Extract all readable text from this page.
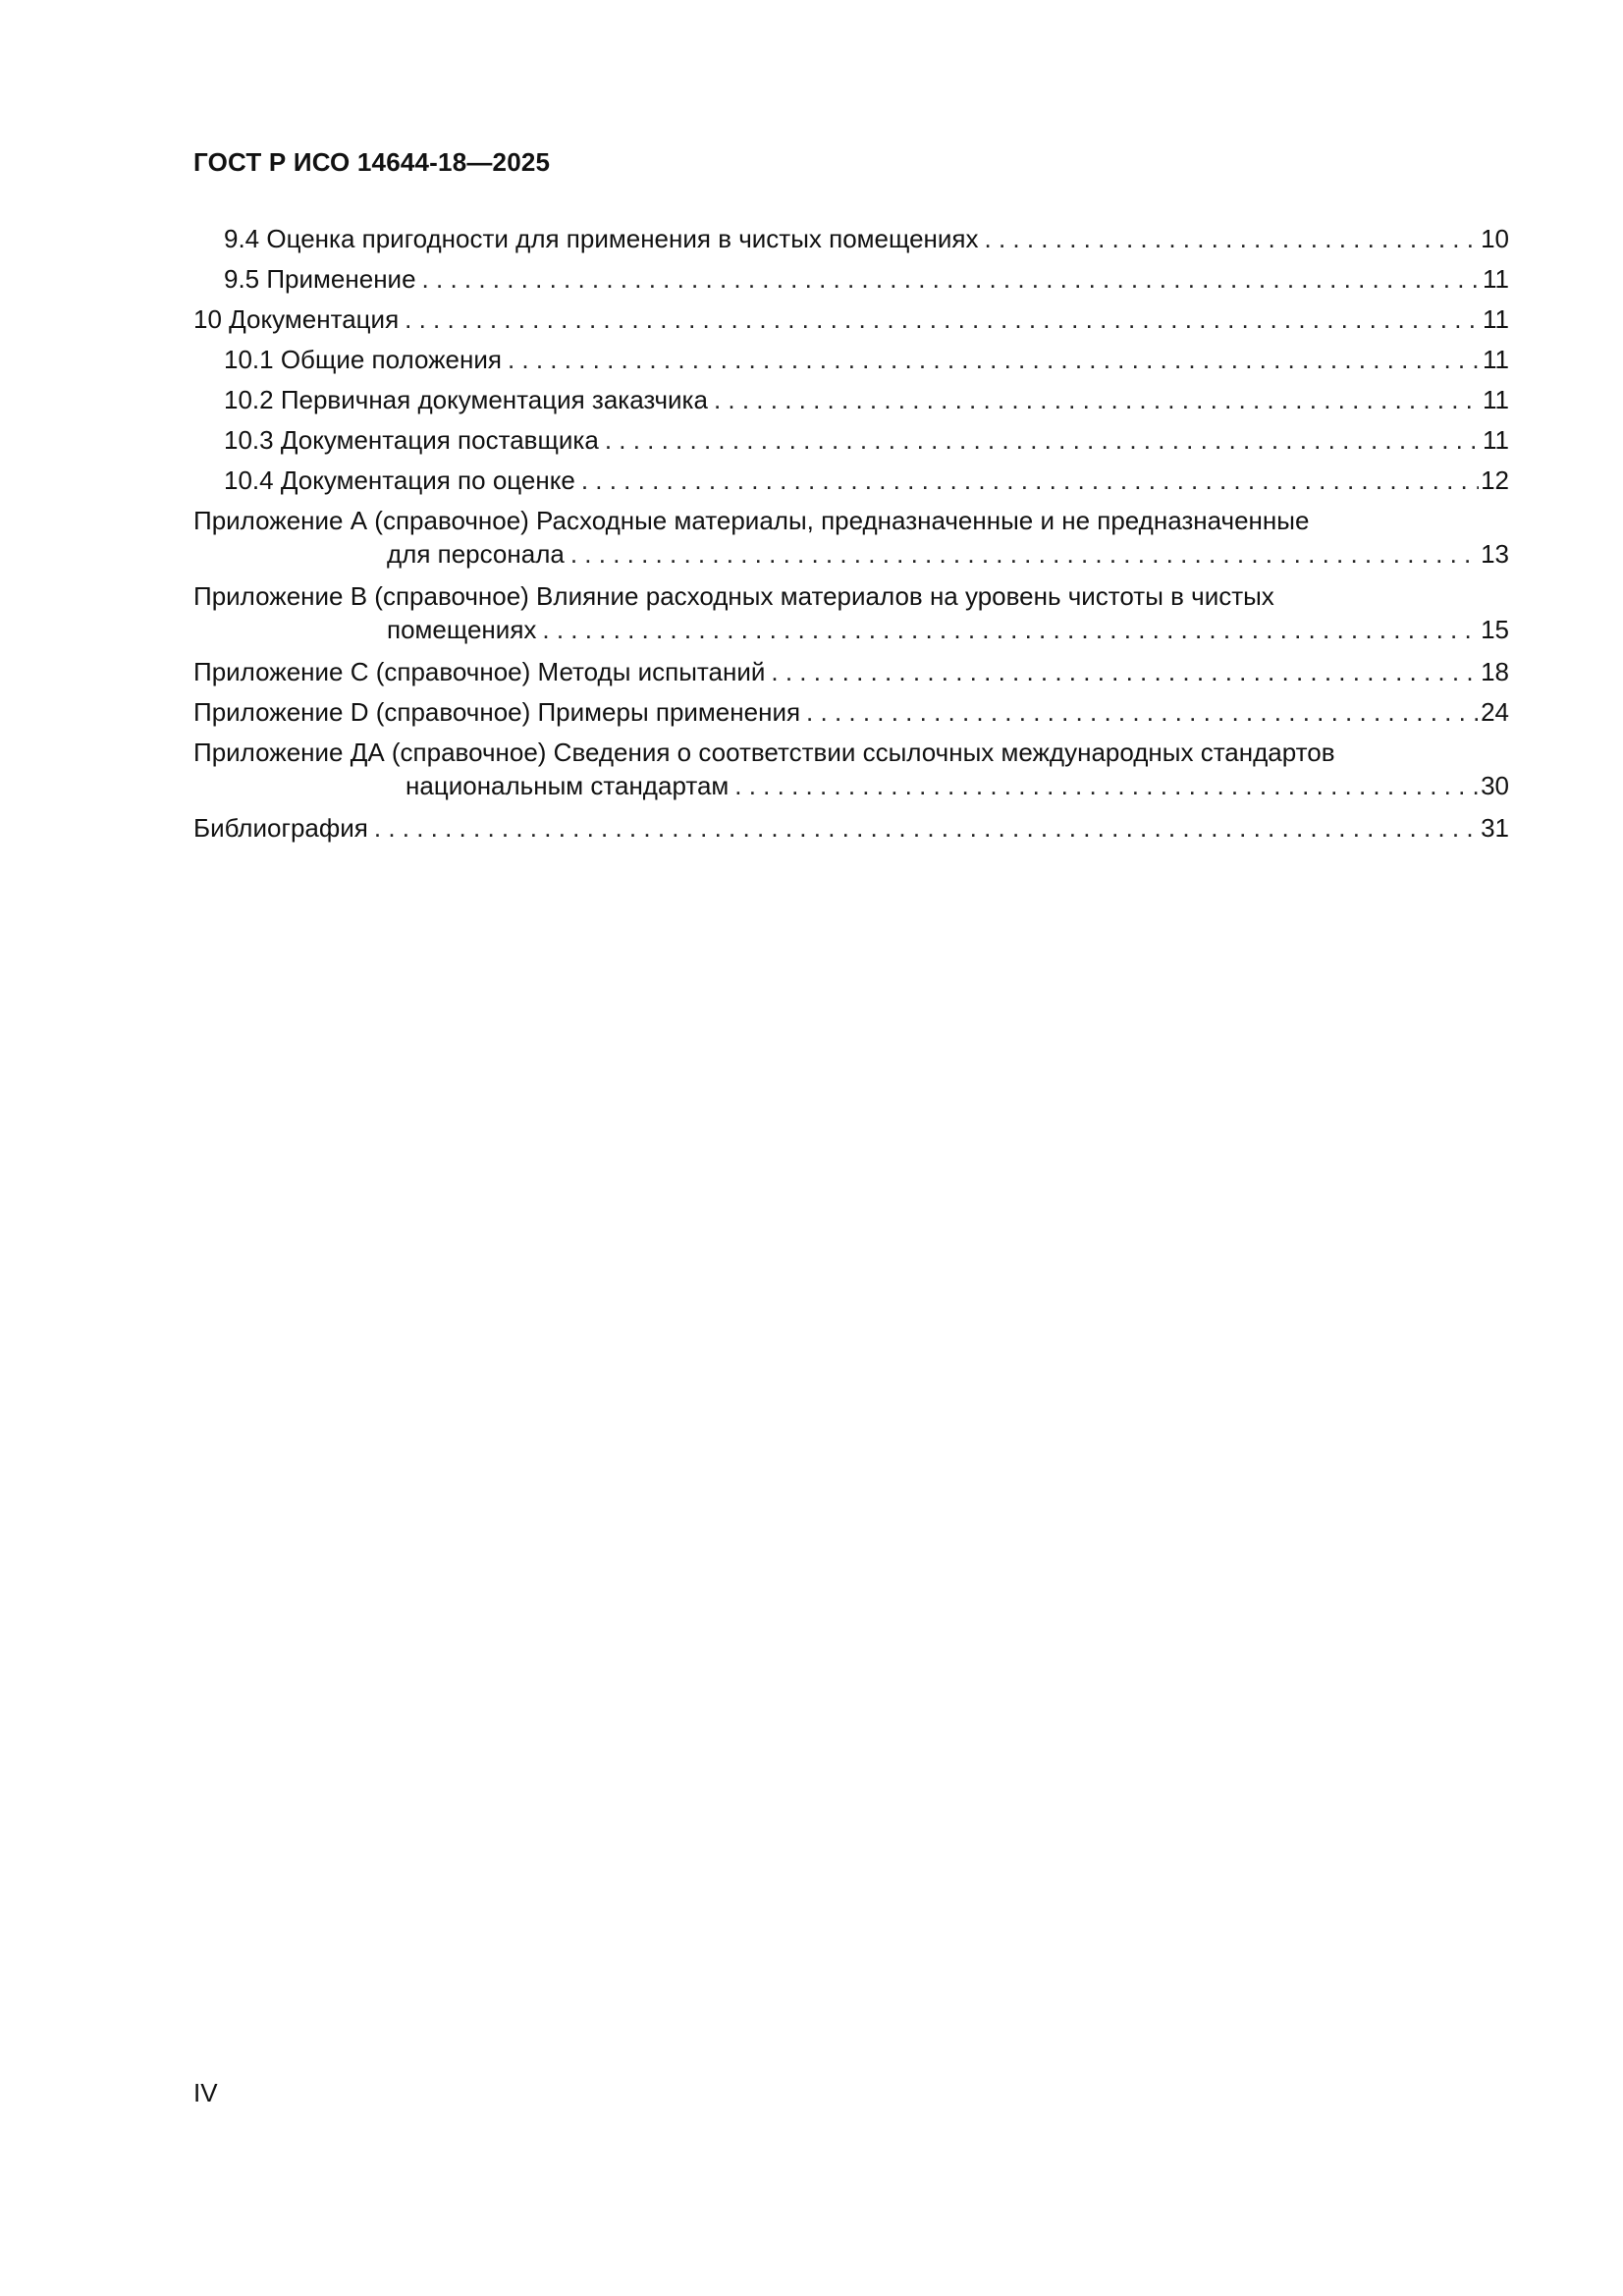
ГОСТ Р ИСО 14644-18—2025
9.4 Оценка пригодности для применения в чистых помещениях . . .	10
9.5 Применение . . .	11
10 Документация . . .	11
10.1 Общие положения . . .	11
10.2 Первичная документация заказчика . . .	11
10.3 Документация поставщика . . .	11
10.4 Документация по оценке . . .	12
Приложение А (справочное) Расходные материалы, предназначенные и не предназначенные
для персонала . . .	13
Приложение В (справочное) Влияние расходных материалов на уровень чистоты в чистых
помещениях . . .	15
Приложение С (справочное) Методы испытаний . . .	18
Приложение D (справочное) Примеры применения . . .	24
Приложение ДА (справочное) Сведения о соответствии ссылочных международных стандартов
национальным стандартам . . .	30
Библиография . . .	31
IV
